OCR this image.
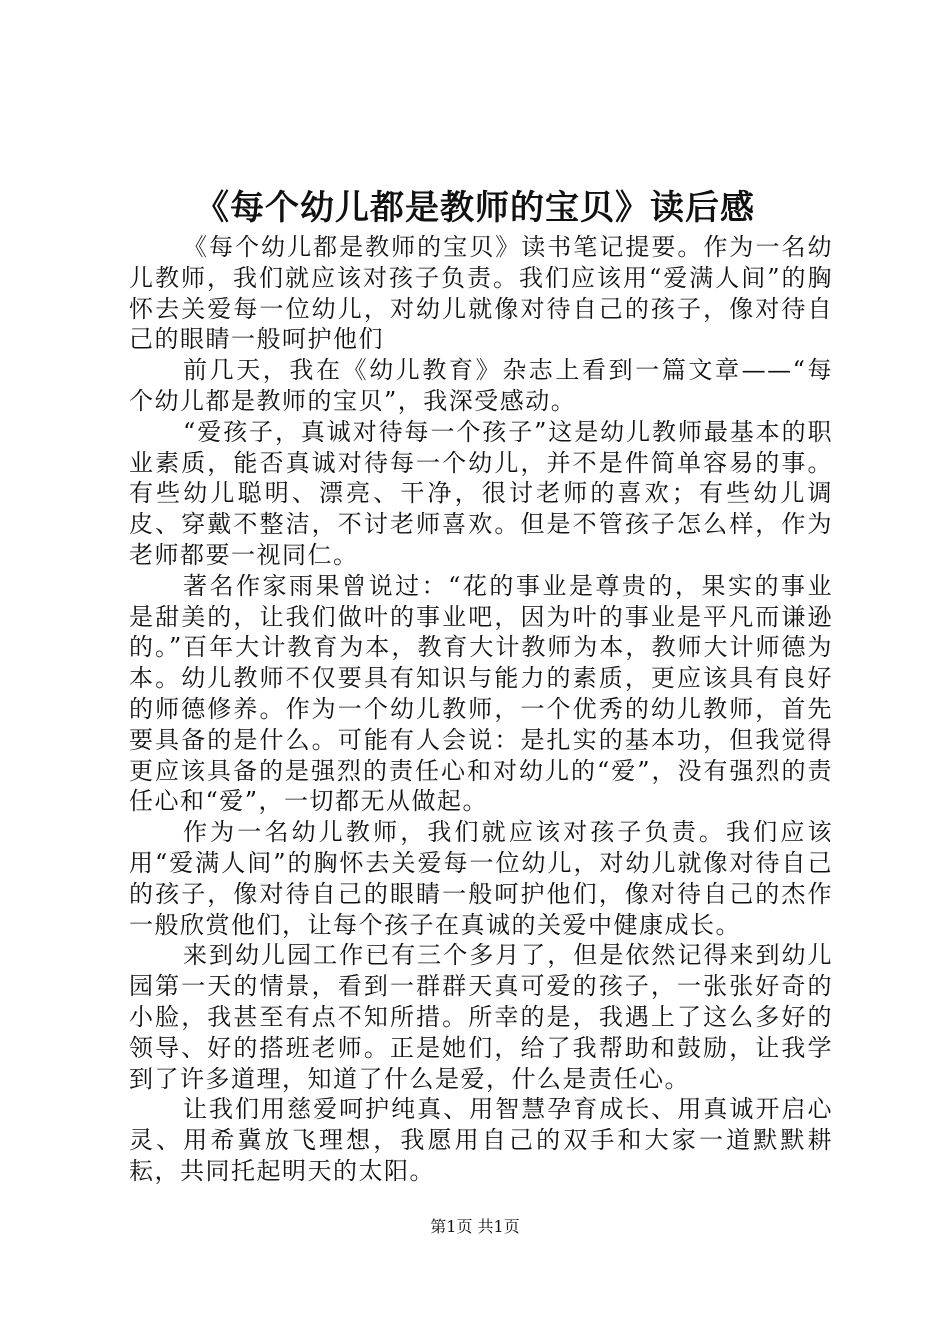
《每个幼儿都是教师的宝贝》读后感

《每个幼儿都是教师的宝贝》读书笔记提要。作为一名幼儿教师，我们就应该对孩子负责。我们应该用“爱满人间”的胸怀去关爱每一位幼儿，对幼儿就像对待自己的孩子，像对待自己的眼睛一般呵护他们

前几天，我在《幼儿教育》杂志上看到一篇文章——“每个幼儿都是教师的宝贝”，我深受感动。

“爱孩子，真诚对待每一个孩子”这是幼儿教师最基本的职业素质，能否真诚对待每一个幼儿，并不是件简单容易的事。有些幼儿聪明、漂亮、干净，很讨老师的喜欢；有些幼儿调皮、穿戴不整洁，不讨老师喜欢。但是不管孩子怎么样，作为老师都要一视同仁。

著名作家雨果曾说过：“花的事业是尊贵的，果实的事业是甜美的，让我们做叶的事业吧，因为叶的事业是平凡而谦逊的。”百年大计教育为本，教育大计教师为本，教师大计师德为本。幼儿教师不仅要具有知识与能力的素质，更应该具有良好的师德修养。作为一个幼儿教师，一个优秀的幼儿教师，首先要具备的是什么。可能有人会说：是扎实的基本功，但我觉得更应该具备的是强烈的责任心和对幼儿的“爱”，没有强烈的责任心和“爱”，一切都无从做起。

作为一名幼儿教师，我们就应该对孩子负责。我们应该用“爱满人间”的胸怀去关爱每一位幼儿，对幼儿就像对待自己的孩子，像对待自己的眼睛一般呵护他们，像对待自己的杰作一般欣赏他们，让每个孩子在真诚的关爱中健康成长。

来到幼儿园工作已有三个多月了，但是依然记得来到幼儿园第一天的情景，看到一群群天真可爱的孩子，一张张好奇的小脸，我甚至有点不知所措。所幸的是，我遇上了这么多好的领导、好的搭班老师。正是她们，给了我帮助和鼓励，让我学到了许多道理，知道了什么是爱，什么是责任心。

让我们用慈爱呵护纯真、用智慧孕育成长、用真诚开启心灵、用希冀放飞理想，我愿用自己的双手和大家一道默默耕耘，共同托起明天的太阳。

第1页 共1页
